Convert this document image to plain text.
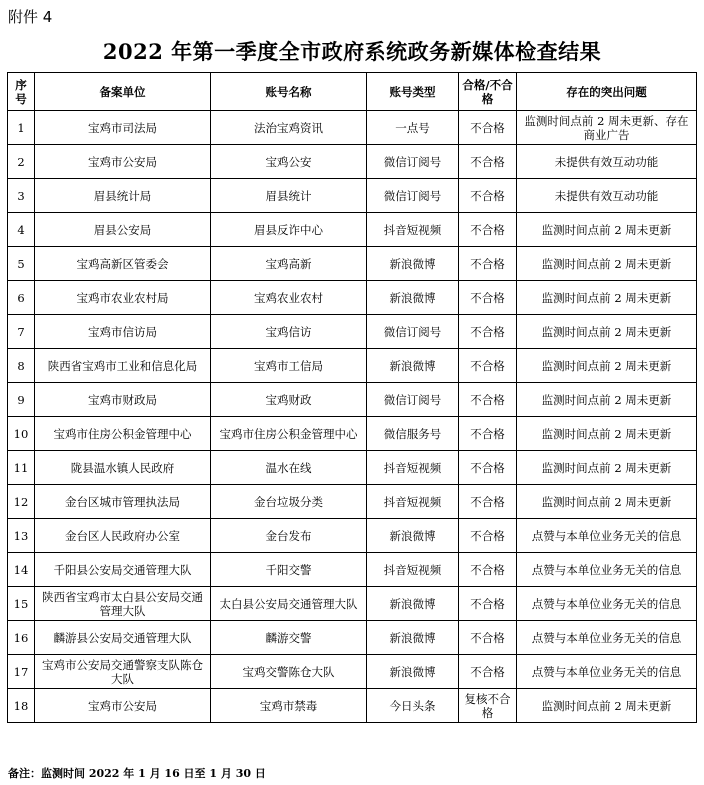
附件 4
2022 年第一季度全市政府系统政务新媒体检查结果
序号	备案单位	账号名称	账号类型	合格/不合格	存在的突出问题
1	宝鸡市司法局	法治宝鸡资讯	一点号	不合格	监测时间点前 2 周未更新、存在商业广告
2	宝鸡市公安局	宝鸡公安	微信订阅号	不合格	未提供有效互动功能
3	眉县统计局	眉县统计	微信订阅号	不合格	未提供有效互动功能
4	眉县公安局	眉县反诈中心	抖音短视频	不合格	监测时间点前 2 周未更新
5	宝鸡高新区管委会	宝鸡高新	新浪微博	不合格	监测时间点前 2 周未更新
6	宝鸡市农业农村局	宝鸡农业农村	新浪微博	不合格	监测时间点前 2 周未更新
7	宝鸡市信访局	宝鸡信访	微信订阅号	不合格	监测时间点前 2 周未更新
8	陕西省宝鸡市工业和信息化局	宝鸡市工信局	新浪微博	不合格	监测时间点前 2 周未更新
9	宝鸡市财政局	宝鸡财政	微信订阅号	不合格	监测时间点前 2 周未更新
10	宝鸡市住房公积金管理中心	宝鸡市住房公积金管理中心	微信服务号	不合格	监测时间点前 2 周未更新
11	陇县温水镇人民政府	温水在线	抖音短视频	不合格	监测时间点前 2 周未更新
12	金台区城市管理执法局	金台垃圾分类	抖音短视频	不合格	监测时间点前 2 周未更新
13	金台区人民政府办公室	金台发布	新浪微博	不合格	点赞与本单位业务无关的信息
14	千阳县公安局交通管理大队	千阳交警	抖音短视频	不合格	点赞与本单位业务无关的信息
15	陕西省宝鸡市太白县公安局交通管理大队	太白县公安局交通管理大队	新浪微博	不合格	点赞与本单位业务无关的信息
16	麟游县公安局交通管理大队	麟游交警	新浪微博	不合格	点赞与本单位业务无关的信息
17	宝鸡市公安局交通警察支队陈仓大队	宝鸡交警陈仓大队	新浪微博	不合格	点赞与本单位业务无关的信息
18	宝鸡市公安局	宝鸡市禁毒	今日头条	复核不合格	监测时间点前 2 周未更新
备注：监测时间 2022 年 1 月 16 日至 1 月 30 日
